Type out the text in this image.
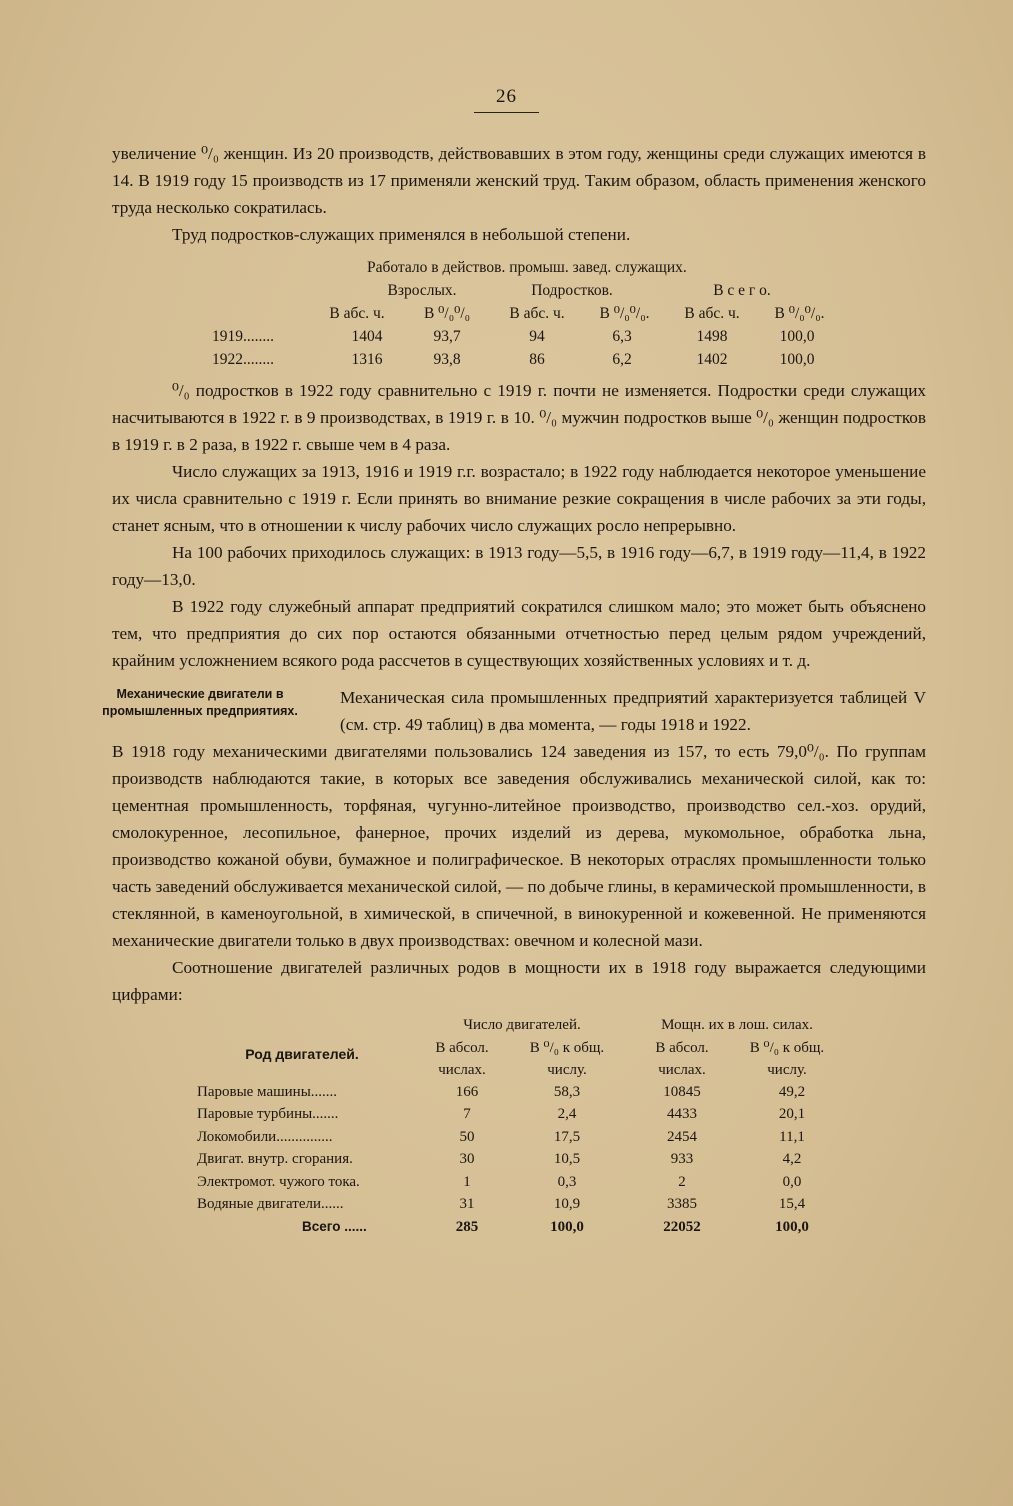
26

увеличение ⁰/₀ женщин. Из 20 производств, действовавших в этом году, женщины среди служащих имеются в 14. В 1919 году 15 производств из 17 применяли женский труд. Таким образом, область применения женского труда несколько сократилась.

Труд подростков-служащих применялся в небольшой степени.

Работало в действов. промыш. завед. служащих.
Взрослых.	Подростков.	В с е г о.
В абс. ч.	В ⁰/₀⁰/₀	В абс. ч.	В ⁰/₀⁰/₀.	В абс. ч.	В ⁰/₀⁰/₀.
1919........	1404	93,7	94	6,3	1498	100,0
1922........	1316	93,8	86	6,2	1402	100,0

⁰/₀ подростков в 1922 году сравнительно с 1919 г. почти не изменяется. Подростки среди служащих насчитываются в 1922 г. в 9 производствах, в 1919 г. в 10. ⁰/₀ мужчин подростков выше ⁰/₀ женщин подростков в 1919 г. в 2 раза, в 1922 г. свыше чем в 4 раза.

Число служащих за 1913, 1916 и 1919 г.г. возрастало; в 1922 году наблюдается некоторое уменьшение их числа сравнительно с 1919 г. Если принять во внимание резкие сокращения в числе рабочих за эти годы, станет ясным, что в отношении к числу рабочих число служащих росло непрерывно.

На 100 рабочих приходилось служащих: в 1913 году—5,5, в 1916 году—6,7, в 1919 году—11,4, в 1922 году—13,0.

В 1922 году служебный аппарат предприятий сократился слишком мало; это может быть объяснено тем, что предприятия до сих пор остаются обязанными отчетностью перед целым рядом учреждений, крайним усложнением всякого рода рассчетов в существующих хозяйственных условиях и т. д.

Механические двигатели в промышленных предприятиях.

Механическая сила промышленных предприятий характеризуется таблицей V (см. стр. 49 таблиц) в два момента, — годы 1918 и 1922.

В 1918 году механическими двигателями пользовались 124 заведения из 157, то есть 79,0⁰/₀. По группам производств наблюдаются такие, в которых все заведения обслуживались механической силой, как то: цементная промышленность, торфяная, чугунно-литейное производство, производство сел.-хоз. орудий, смолокуренное, лесопильное, фанерное, прочих изделий из дерева, мукомольное, обработка льна, производство кожаной обуви, бумажное и полиграфическое. В некоторых отраслях промышленности только часть заведений обслуживается механической силой, — по добыче глины, в керамической промышленности, в стеклянной, в каменоугольной, в химической, в спичечной, в винокуренной и кожевенной. Не применяются механические двигатели только в двух производствах: овечном и колесной мази.

Соотношение двигателей различных родов в мощности их в 1918 году выражается следующими цифрами:

Число двигателей.	Мощн. их в лош. силах.
Род двигателей.	В абсол. числах.
В ⁰/₀ к общ. числу.
В абсол. числах.
В ⁰/₀ к общ. числу.
Паровые машины.......	166	58,3	10845	49,2
Паровые турбины.......	7	2,4	4433	20,1
Локомобили...............	50	17,5	2454	11,1
Двигат. внутр. сгорания.	30	10,5	933	4,2
Электромот. чужого тока.	1	0,3	2	0,0
Водяные двигатели......	31	10,9	3385	15,4
Всего ......	285	100,0	22052	100,0
